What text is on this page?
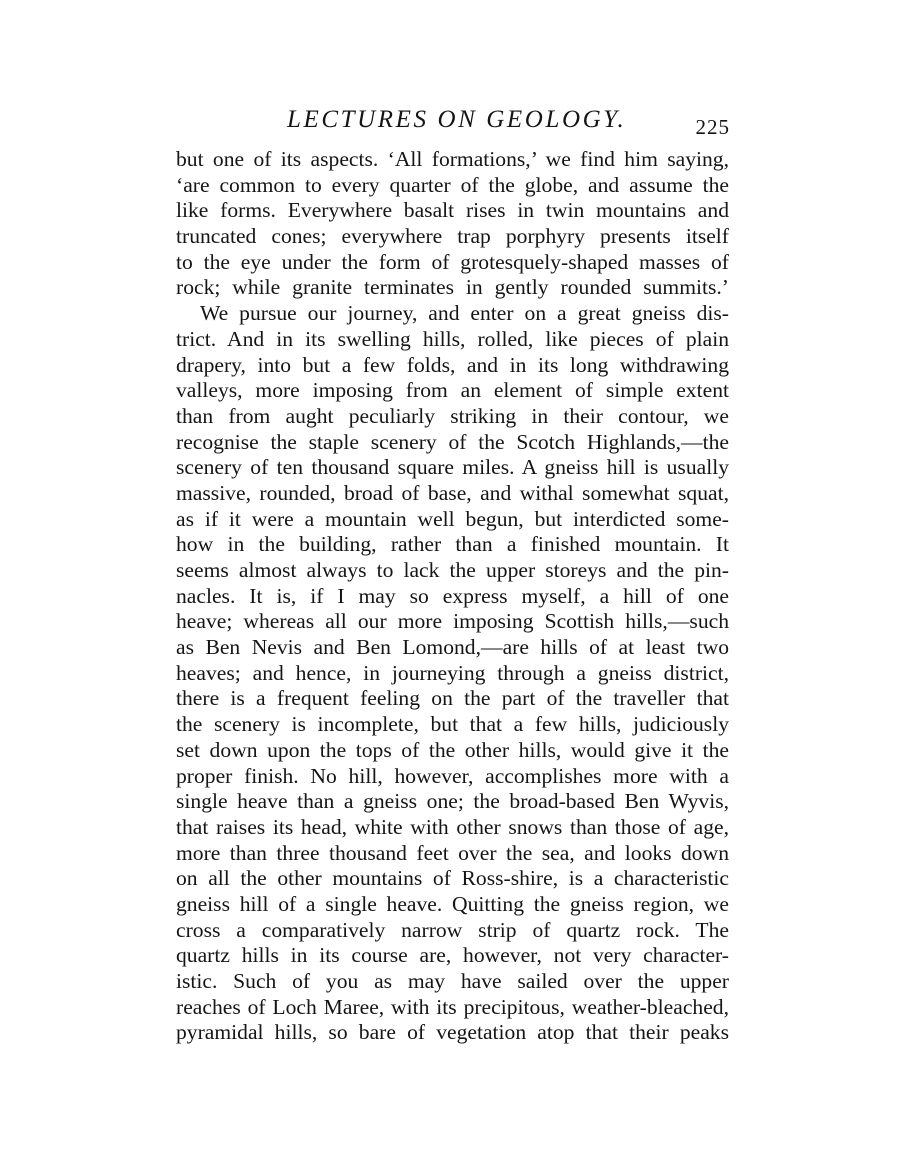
LECTURES ON GEOLOGY.	225
but one of its aspects. ‘All formations,’ we find him saying,
‘are common to every quarter of the globe, and assume the
like forms. Everywhere basalt rises in twin mountains and
truncated cones; everywhere trap porphyry presents itself
to the eye under the form of grotesquely-shaped masses of
rock; while granite terminates in gently rounded summits.’
We pursue our journey, and enter on a great gneiss dis-
trict. And in its swelling hills, rolled, like pieces of plain
drapery, into but a few folds, and in its long withdrawing
valleys, more imposing from an element of simple extent
than from aught peculiarly striking in their contour, we
recognise the staple scenery of the Scotch Highlands,—the
scenery of ten thousand square miles. A gneiss hill is usually
massive, rounded, broad of base, and withal somewhat squat,
as if it were a mountain well begun, but interdicted some-
how in the building, rather than a finished mountain. It
seems almost always to lack the upper storeys and the pin-
nacles. It is, if I may so express myself, a hill of one
heave; whereas all our more imposing Scottish hills,—such
as Ben Nevis and Ben Lomond,—are hills of at least two
heaves; and hence, in journeying through a gneiss district,
there is a frequent feeling on the part of the traveller that
the scenery is incomplete, but that a few hills, judiciously
set down upon the tops of the other hills, would give it the
proper finish. No hill, however, accomplishes more with a
single heave than a gneiss one; the broad-based Ben Wyvis,
that raises its head, white with other snows than those of age,
more than three thousand feet over the sea, and looks down
on all the other mountains of Ross-shire, is a characteristic
gneiss hill of a single heave. Quitting the gneiss region, we
cross a comparatively narrow strip of quartz rock. The
quartz hills in its course are, however, not very character-
istic. Such of you as may have sailed over the upper
reaches of Loch Maree, with its precipitous, weather-bleached,
pyramidal hills, so bare of vegetation atop that their peaks
